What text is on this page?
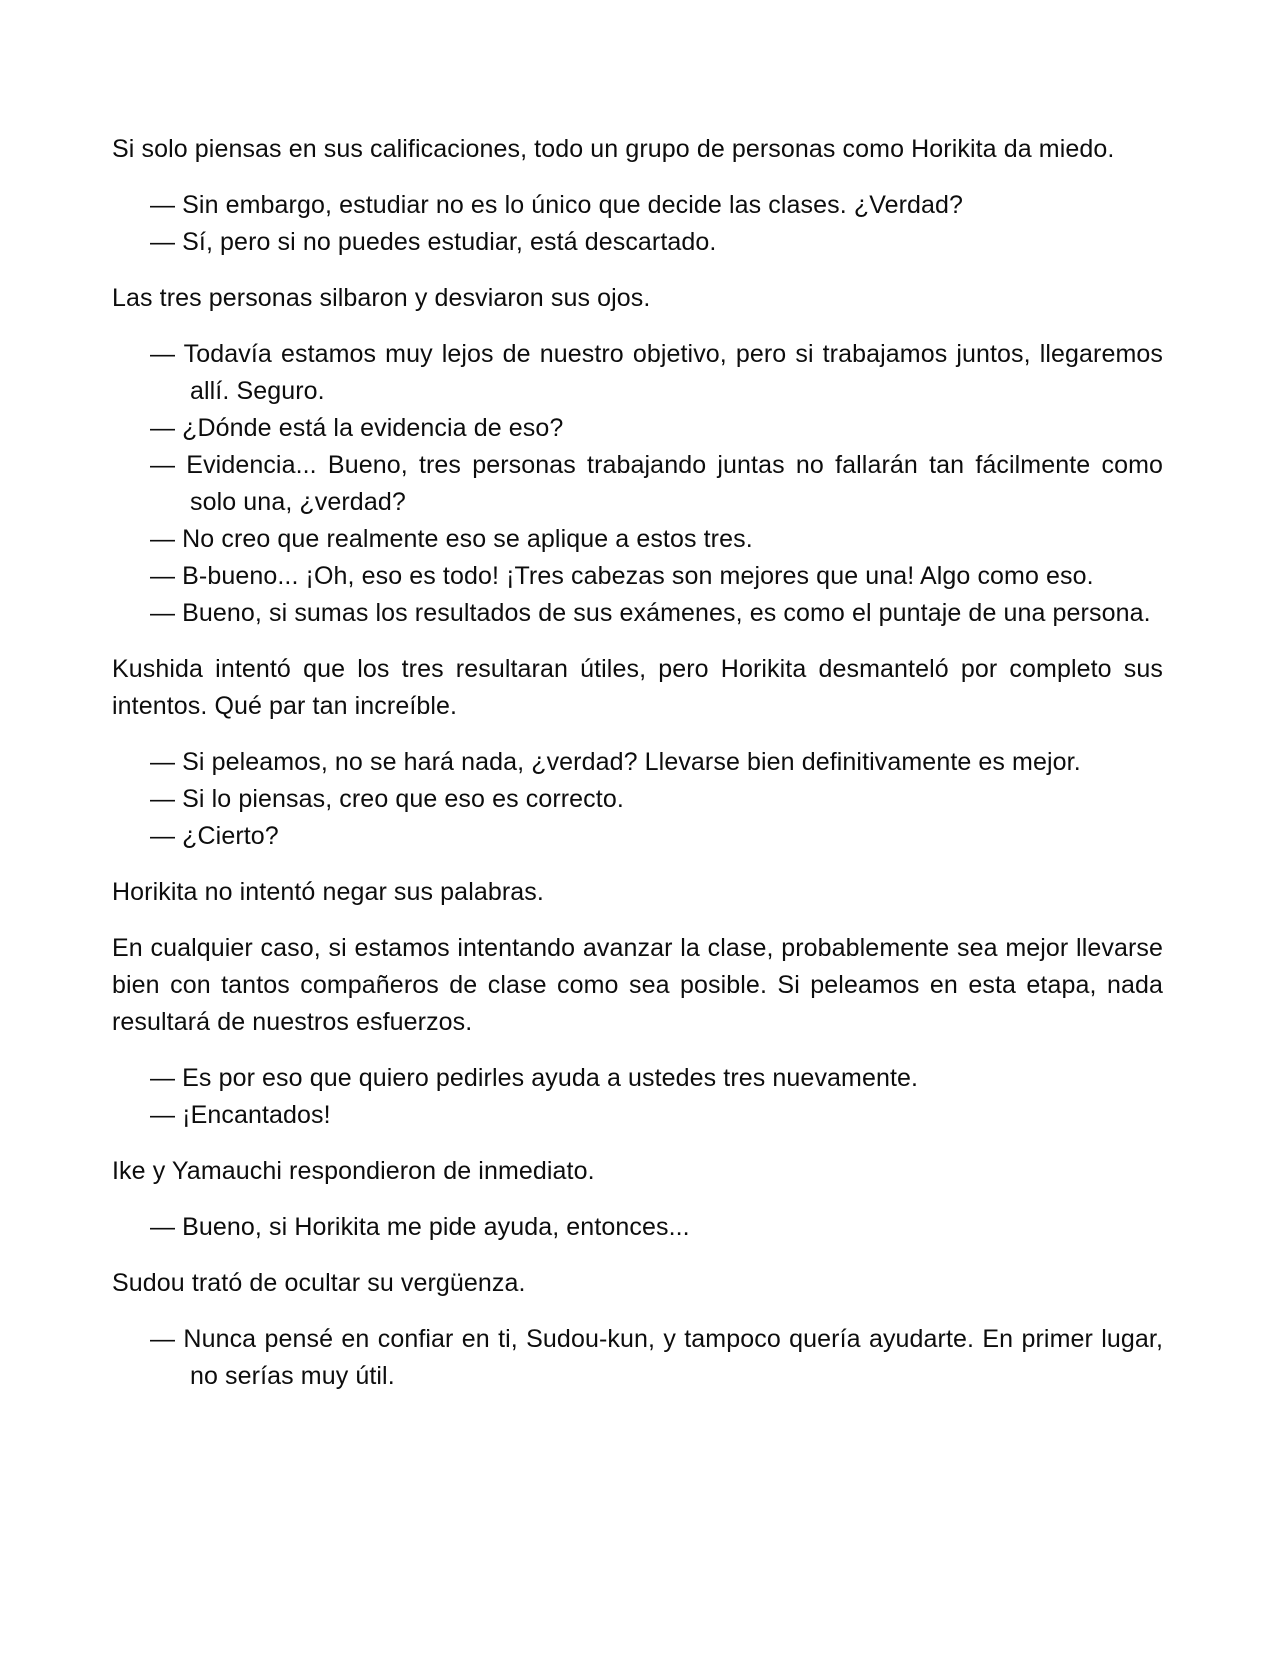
Si solo piensas en sus calificaciones, todo un grupo de personas como Horikita da miedo.
— Sin embargo, estudiar no es lo único que decide las clases. ¿Verdad?
— Sí, pero si no puedes estudiar, está descartado.
Las tres personas silbaron y desviaron sus ojos.
— Todavía estamos muy lejos de nuestro objetivo, pero si trabajamos juntos, llegaremos allí. Seguro.
— ¿Dónde está la evidencia de eso?
— Evidencia... Bueno, tres personas trabajando juntas no fallarán tan fácilmente como solo una, ¿verdad?
— No creo que realmente eso se aplique a estos tres.
— B-bueno... ¡Oh, eso es todo! ¡Tres cabezas son mejores que una! Algo como eso.
— Bueno, si sumas los resultados de sus exámenes, es como el puntaje de una persona.
Kushida intentó que los tres resultaran útiles, pero Horikita desmanteló por completo sus intentos. Qué par tan increíble.
— Si peleamos, no se hará nada, ¿verdad? Llevarse bien definitivamente es mejor.
— Si lo piensas, creo que eso es correcto.
— ¿Cierto?
Horikita no intentó negar sus palabras.
En cualquier caso, si estamos intentando avanzar la clase, probablemente sea mejor llevarse bien con tantos compañeros de clase como sea posible. Si peleamos en esta etapa, nada resultará de nuestros esfuerzos.
— Es por eso que quiero pedirles ayuda a ustedes tres nuevamente.
— ¡Encantados!
Ike y Yamauchi respondieron de inmediato.
— Bueno, si Horikita me pide ayuda, entonces...
Sudou trató de ocultar su vergüenza.
— Nunca pensé en confiar en ti, Sudou-kun, y tampoco quería ayudarte. En primer lugar, no serías muy útil.
